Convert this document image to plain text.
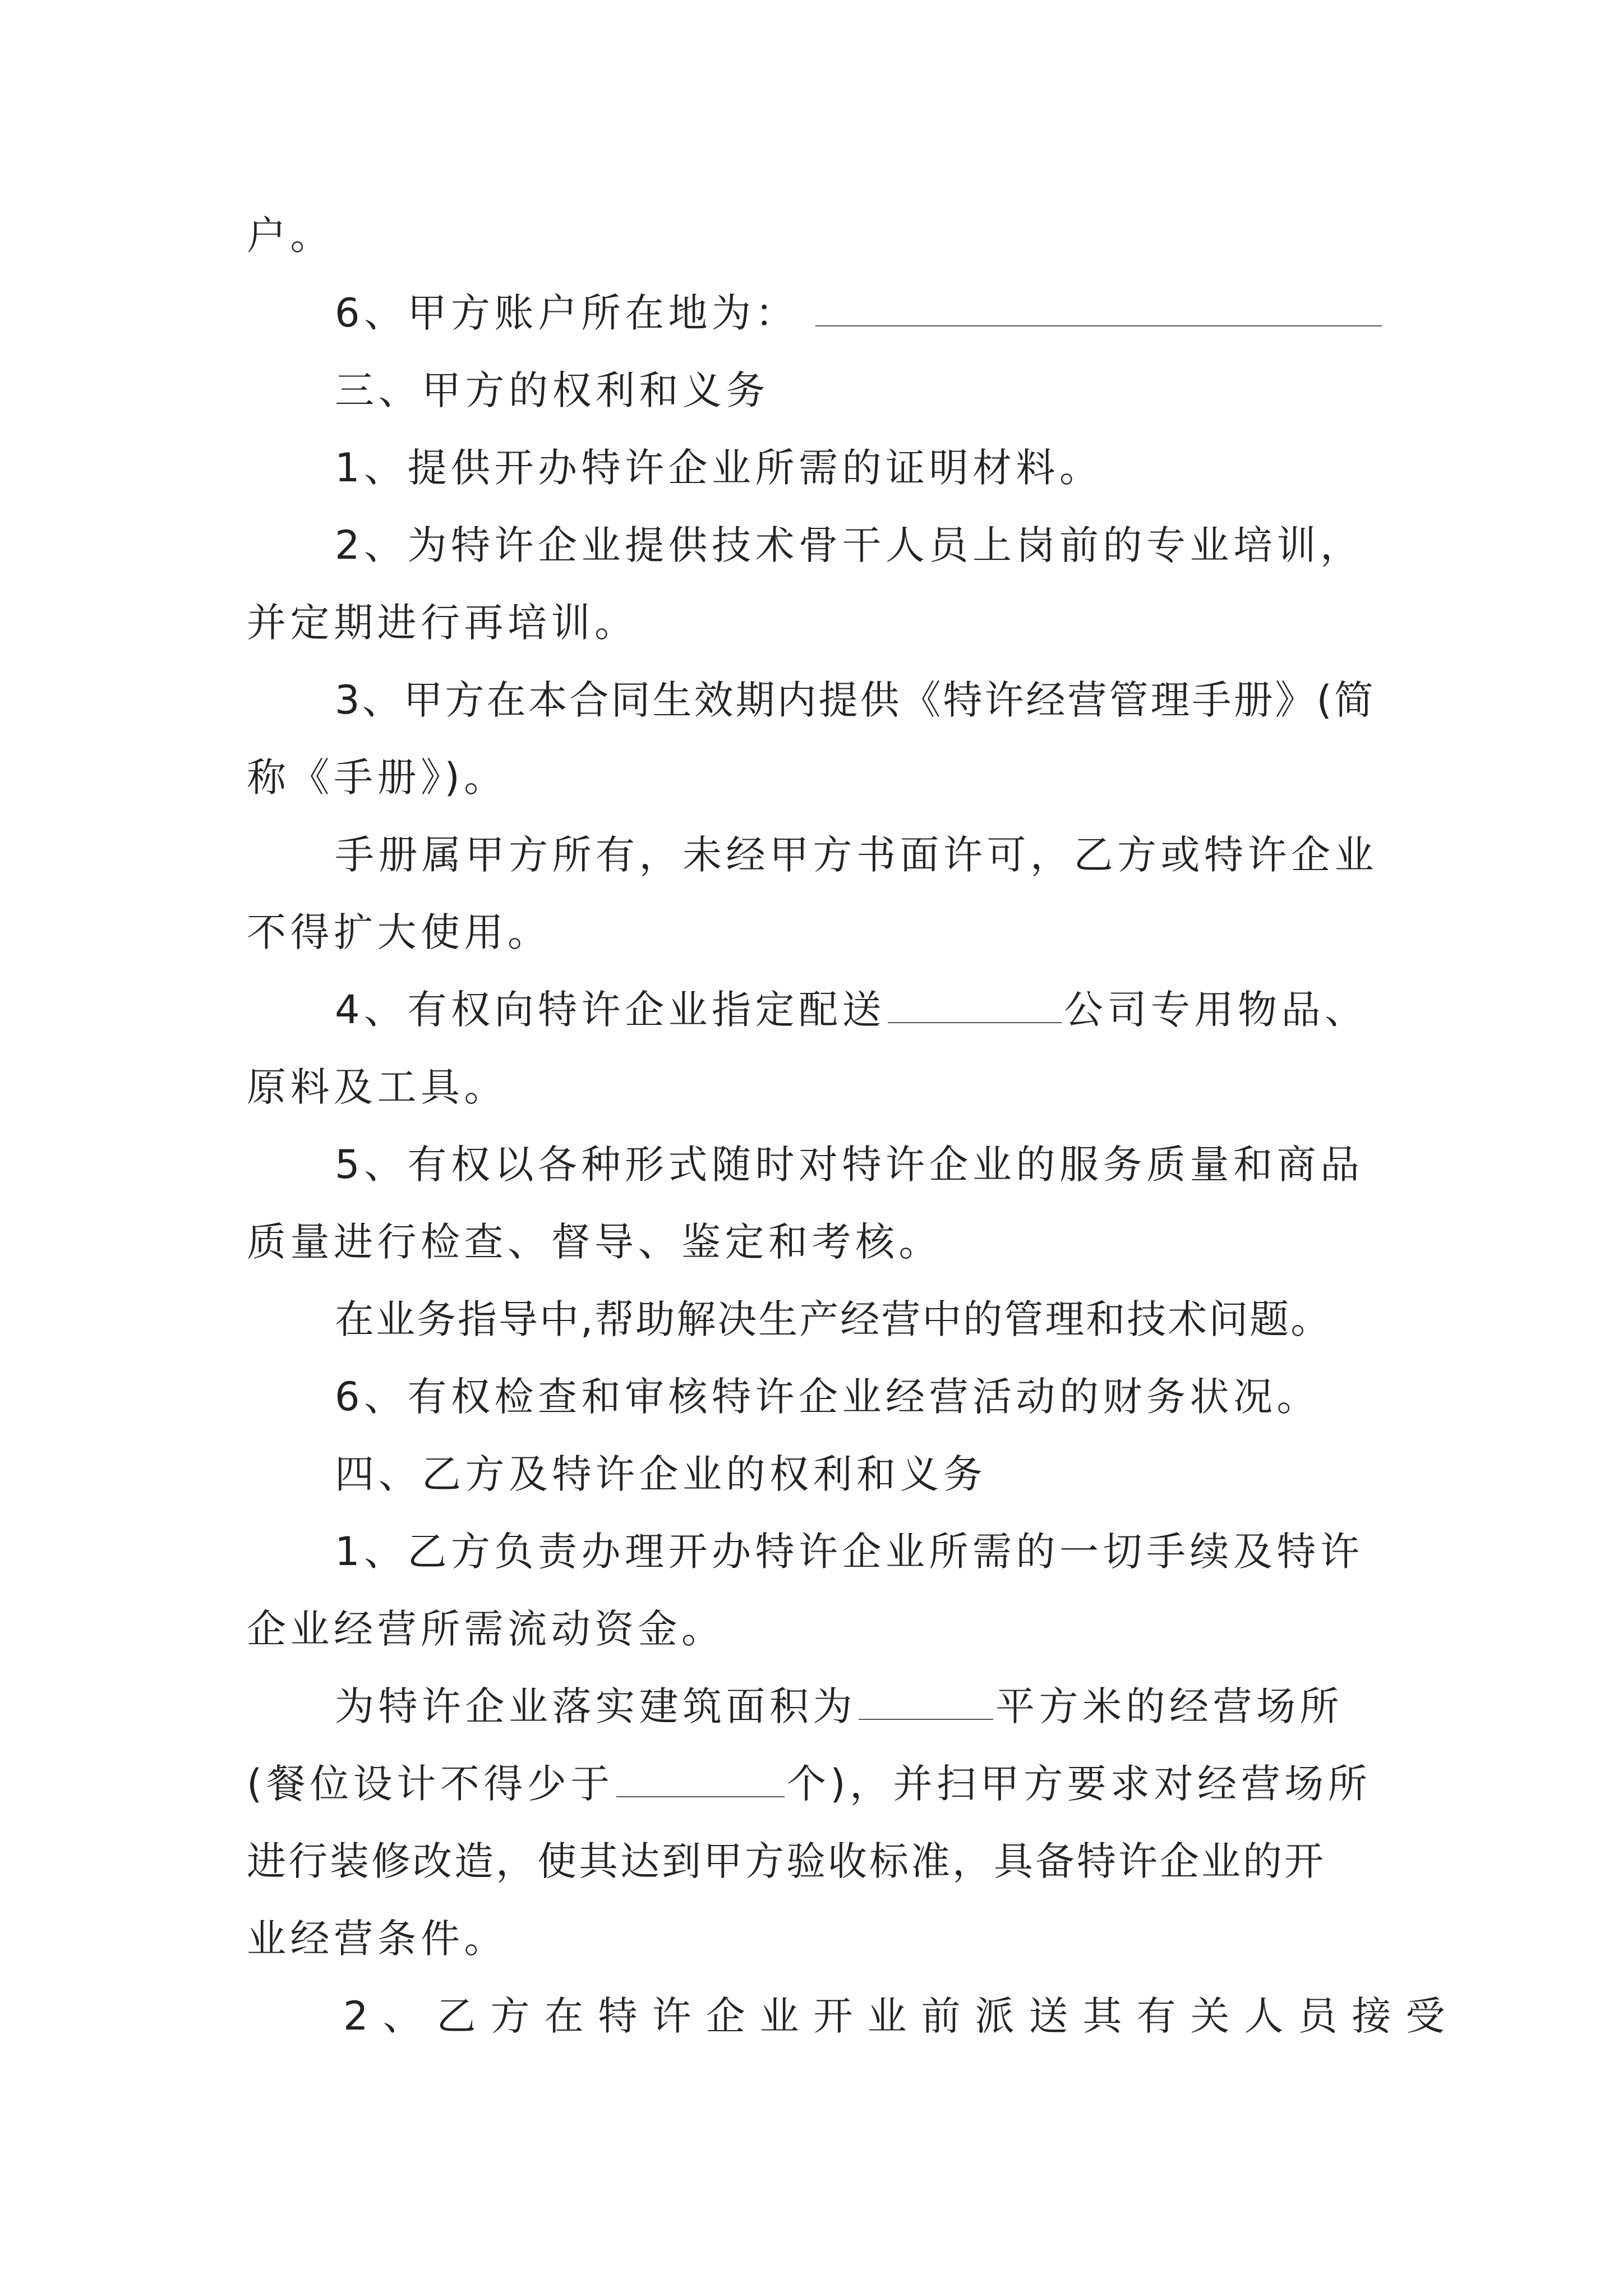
户。
6、甲方账户所在地为：
三、甲方的权利和义务
1、提供开办特许企业所需的证明材料。
2、为特许企业提供技术骨干人员上岗前的专业培训，
并定期进行再培训。
3、甲方在本合同生效期内提供《特许经营管理手册》(简
称《手册》)。
手册属甲方所有，未经甲方书面许可，乙方或特许企业
不得扩大使用。
4、有权向特许企业指定配送	公司专用物品、
原料及工具。
5、有权以各种形式随时对特许企业的服务质量和商品
质量进行检查、督导、鉴定和考核。
在业务指导中,帮助解决生产经营中的管理和技术问题。
6、有权检查和审核特许企业经营活动的财务状况。
四、乙方及特许企业的权利和义务
1、乙方负责办理开办特许企业所需的一切手续及特许
企业经营所需流动资金。
为特许企业落实建筑面积为	平方米的经营场所
(餐位设计不得少于	个)，并扫甲方要求对经营场所
进行装修改造，使其达到甲方验收标准，具备特许企业的开
业经营条件。
2、乙方在特许企业开业前派送其有关人员接受
